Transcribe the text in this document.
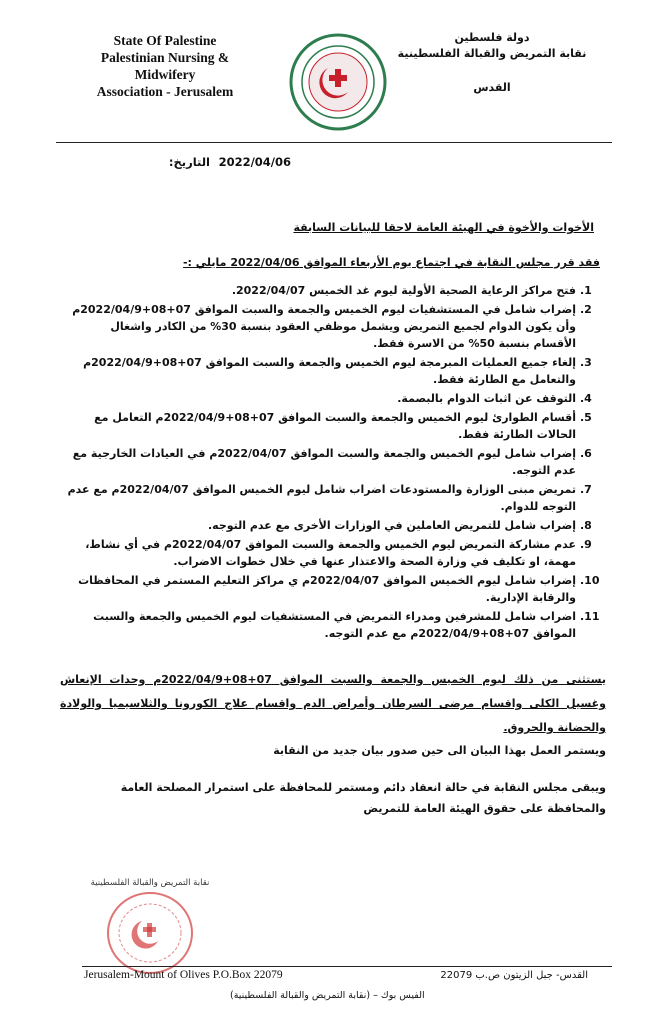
State Of Palestine
Palestinian Nursing &
Midwifery
Association - Jerusalem
دولة فلسطين
نقابة التمريض والقبالة الفلسطينية
القدس
التاريخ: 2022/04/06
الأخوات والأخوة في الهيئة العامة لاحقا للبيانات السابقة
فقد قرر مجلس النقابة في اجتماع يوم الأربعاء الموافق 2022/04/06 مايلي :-
.1
فتح مراكز الرعاية الصحية الأولية ليوم غد الخميس 2022/04/07.
.2
إضراب شامل في المستشفيات ليوم الخميس والجمعة والسبت الموافق 07+08+2022/04/9م وأن يكون الدوام لجميع التمريض ويشمل موظفي العقود بنسبة 30% من الكادر واشغال الأقسام بنسبة 50% من الاسرة فقط.
.3
إلغاء جميع العمليات المبرمجة ليوم الخميس والجمعة والسبت الموافق 07+08+2022/04/9م والتعامل مع الطارئة فقط.
.4
التوقف عن اثبات الدوام بالبصمة.
.5
أقسام الطوارئ ليوم الخميس والجمعة والسبت الموافق 07+08+2022/04/9م التعامل مع الحالات الطارئة فقط.
.6
إضراب شامل ليوم الخميس والجمعة والسبت الموافق 2022/04/07م في العيادات الخارجية مع عدم التوجه.
.7
تمريض مبنى الوزارة والمستودعات اضراب شامل ليوم الخميس الموافق 2022/04/07م مع عدم التوجه للدوام.
.8
إضراب شامل للتمريض العاملين في الوزارات الأخرى مع عدم التوجه.
.9
عدم مشاركة التمريض ليوم الخميس والجمعة والسبت الموافق 2022/04/07م في أي نشاط، مهمة، او تكليف في وزارة الصحة والاعتذار عنها في خلال خطوات الاضراب.
.10
إضراب شامل ليوم الخميس الموافق 2022/04/07م ي مراكز التعليم المستمر في المحافظات والرقابة الإدارية.
.11
اضراب شامل للمشرفين ومدراء التمريض في المستشفيات ليوم الخميس والجمعة والسبت الموافق 07+08+2022/04/9م مع عدم التوجه.
يستثنى من ذلك ليوم الخميس والجمعة والسبت الموافق 07+08+2022/04/9م وحدات الإنعاش وغسيل الكلى واقسام مرضى السرطان وأمراض الدم واقسام علاج الكورونا والثلاسيميا والولادة والحضانة والحروق.
ويستمر العمل بهذا البيان الى حين صدور بيان جديد من النقابة
ويبقى مجلس النقابة في حالة انعقاد دائم ومستمر للمحافظة على استمرار المصلحة العامة والمحافظة على حقوق الهيئة العامة للتمريض
نقابة التمريض والقبالة الفلسطينية
Jerusalem-Mount of Olives P.O.Box 22079	القدس- جبل الزيتون ص.ب 22079
الفيس بوك – (نقابة التمريض والقبالة الفلسطينية)
